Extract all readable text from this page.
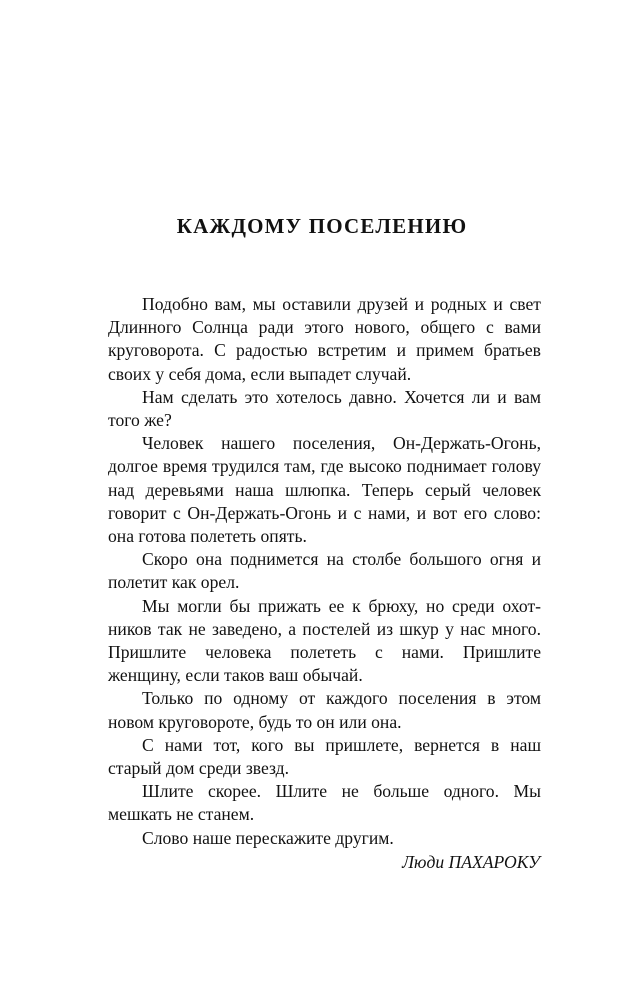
КАЖДОМУ ПОСЕЛЕНИЮ

Подобно вам, мы оставили друзей и родных и свет Длинного Солнца ради этого нового, общего с вами круговорота. С радостью встретим и примем братьев своих у себя дома, если выпадет случай.

Нам сделать это хотелось давно. Хочется ли и вам того же?

Человек нашего поселения, Он-Держать-Огонь, долгое время трудился там, где высоко поднимает голову над деревьями наша шлюпка. Теперь серый человек говорит с Он-Держать-Огонь и с нами, и вот его слово: она готова полететь опять.

Скоро она поднимется на столбе большого огня и полетит как орел.

Мы могли бы прижать ее к брюху, но среди охотников так не заведено, а постелей из шкур у нас много. Пришлите человека полететь с нами. Пришлите женщину, если таков ваш обычай.

Только по одному от каждого поселения в этом новом круговороте, будь то он или она.

С нами тот, кого вы пришлете, вернется в наш старый дом среди звезд.

Шлите скорее. Шлите не больше одного. Мы мешкать не станем.

Слово наше перескажите другим.

Люди ПАХАРОКУ
